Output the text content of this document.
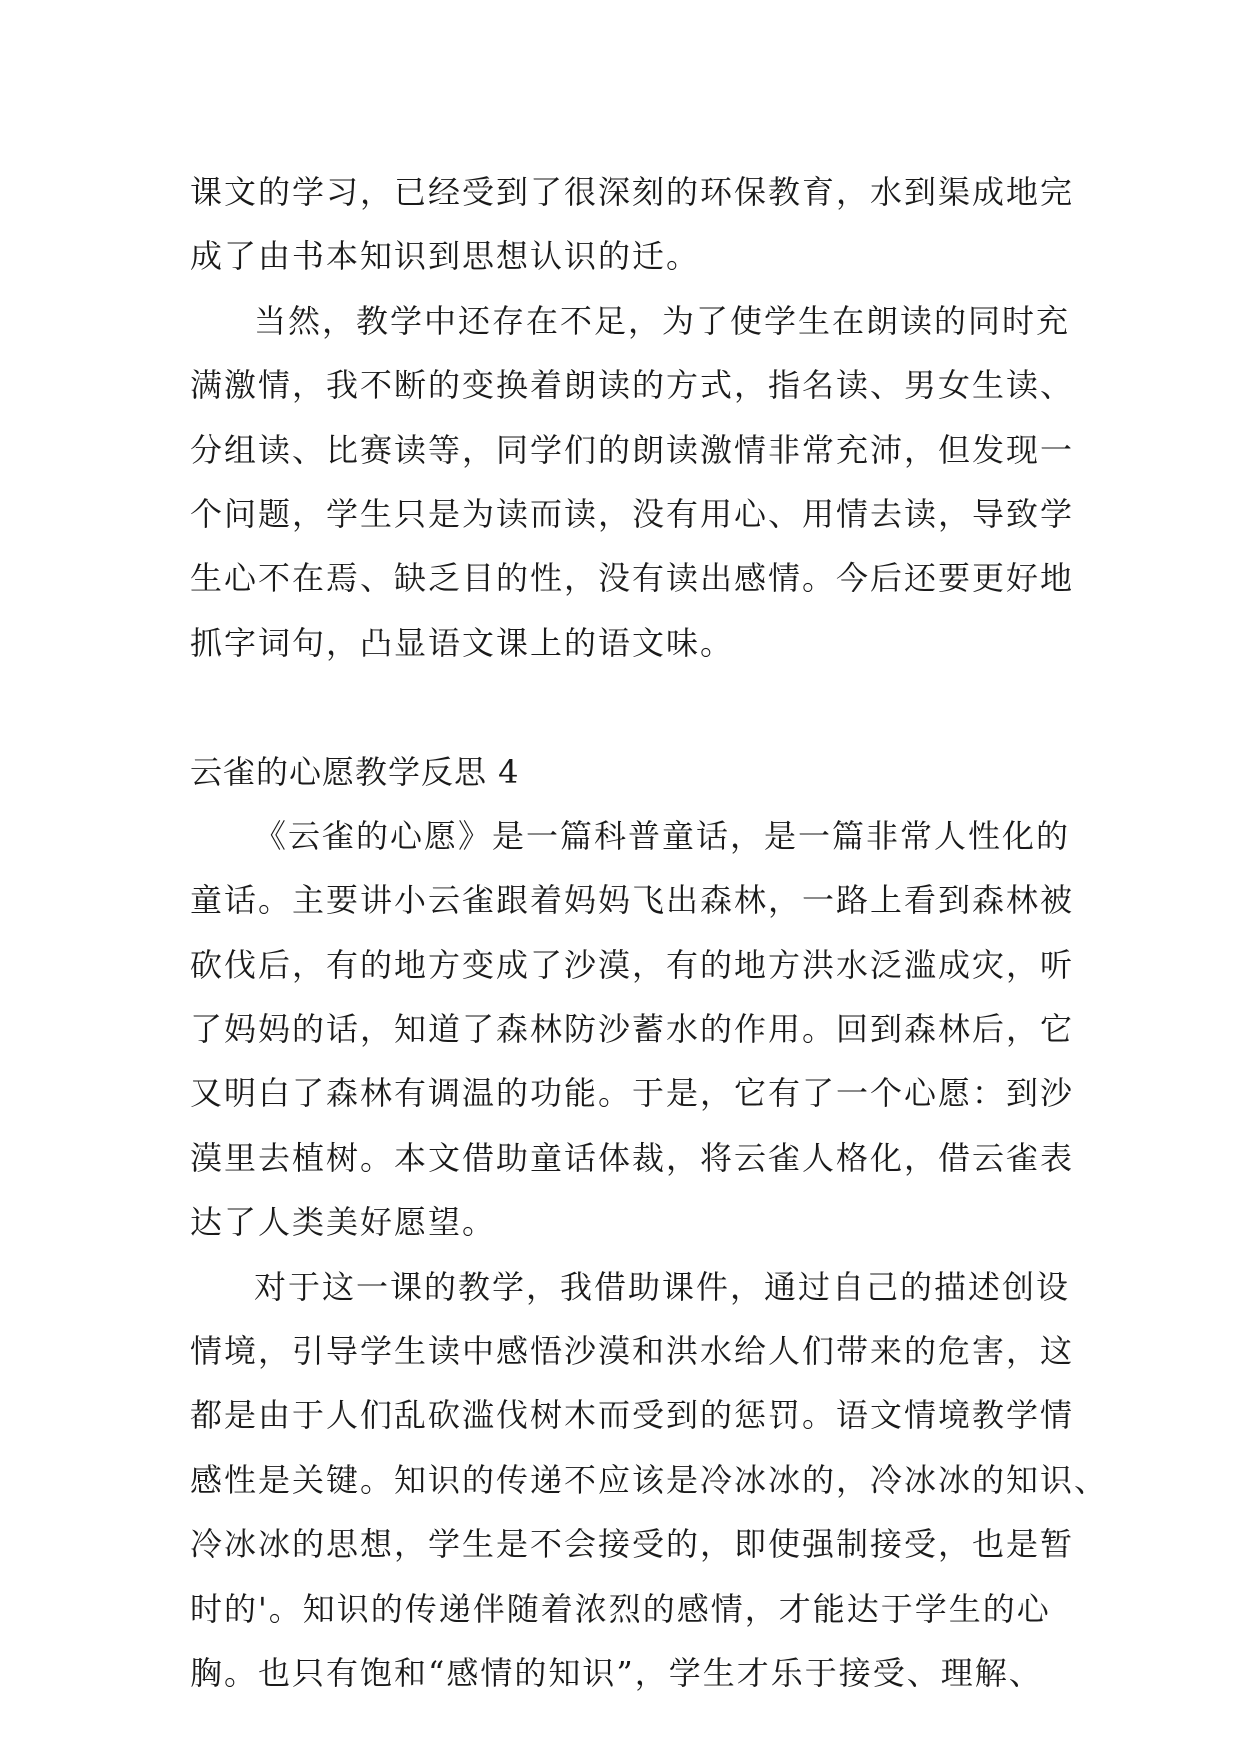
课文的学习，已经受到了很深刻的环保教育，水到渠成地完
成了由书本知识到思想认识的迁。
当然，教学中还存在不足，为了使学生在朗读的同时充
满激情，我不断的变换着朗读的方式，指名读、男女生读、
分组读、比赛读等，同学们的朗读激情非常充沛，但发现一
个问题，学生只是为读而读，没有用心、用情去读，导致学
生心不在焉、缺乏目的性，没有读出感情。今后还要更好地
抓字词句，凸显语文课上的语文味。
云雀的心愿教学反思 4
《云雀的心愿》是一篇科普童话，是一篇非常人性化的
童话。主要讲小云雀跟着妈妈飞出森林，一路上看到森林被
砍伐后，有的地方变成了沙漠，有的地方洪水泛滥成灾，听
了妈妈的话，知道了森林防沙蓄水的作用。回到森林后，它
又明白了森林有调温的功能。于是，它有了一个心愿：到沙
漠里去植树。本文借助童话体裁，将云雀人格化，借云雀表
达了人类美好愿望。
对于这一课的教学，我借助课件，通过自己的描述创设
情境，引导学生读中感悟沙漠和洪水给人们带来的危害，这
都是由于人们乱砍滥伐树木而受到的惩罚。语文情境教学情
感性是关键。知识的传递不应该是冷冰冰的，冷冰冰的知识、
冷冰冰的思想，学生是不会接受的，即使强制接受，也是暂
时的'。知识的传递伴随着浓烈的感情，才能达于学生的心
胸。也只有饱和“感情的知识”，学生才乐于接受、理解、
